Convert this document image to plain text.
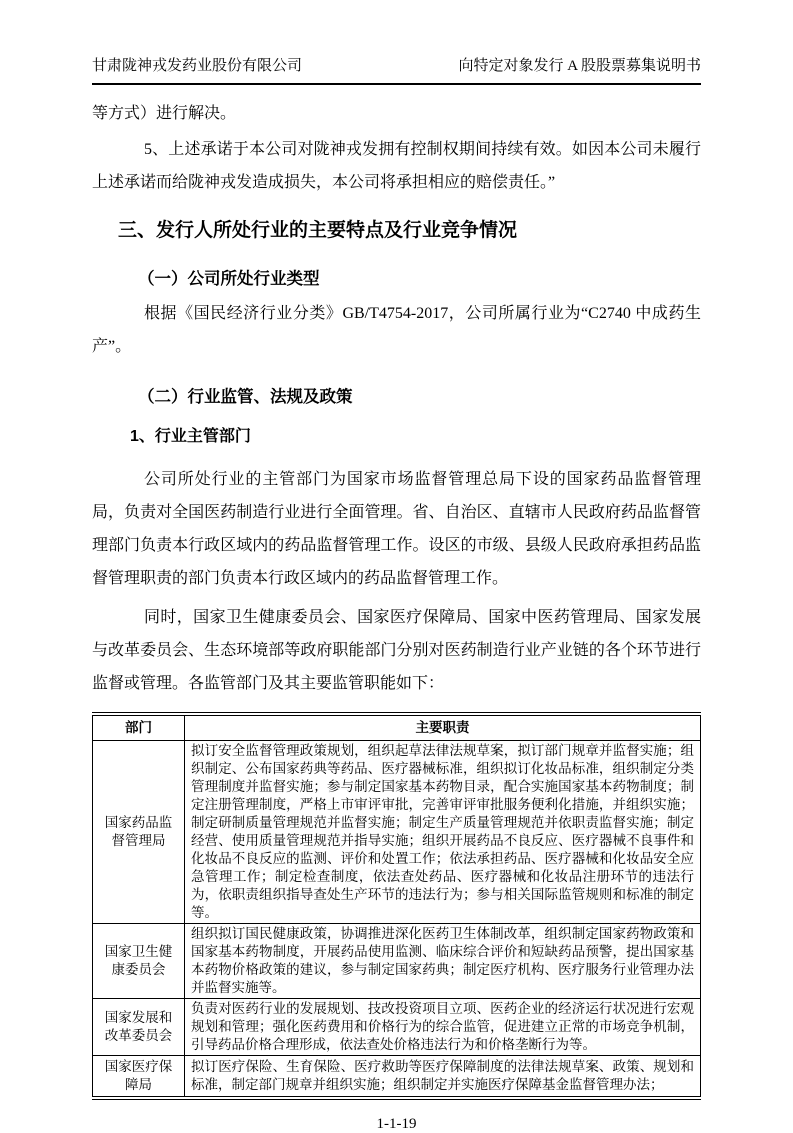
甘肃陇神戎发药业股份有限公司	向特定对象发行 A 股股票募集说明书

等方式）进行解决。

5、上述承诺于本公司对陇神戎发拥有控制权期间持续有效。如因本公司未履行上述承诺而给陇神戎发造成损失，本公司将承担相应的赔偿责任。”

三、发行人所处行业的主要特点及行业竞争情况
（一）公司所处行业类型

根据《国民经济行业分类》GB/T4754-2017，公司所属行业为“C2740 中成药生产”。

（二）行业监管、法规及政策
1、行业主管部门

公司所处行业的主管部门为国家市场监督管理总局下设的国家药品监督管理局，负责对全国医药制造行业进行全面管理。省、自治区、直辖市人民政府药品监督管理部门负责本行政区域内的药品监督管理工作。设区的市级、县级人民政府承担药品监督管理职责的部门负责本行政区域内的药品监督管理工作。

同时，国家卫生健康委员会、国家医疗保障局、国家中医药管理局、国家发展与改革委员会、生态环境部等政府职能部门分别对医药制造行业产业链的各个环节进行监督或管理。各监管部门及其主要监管职能如下：

部门	主要职责
国家药品监督管理局	拟订安全监督管理政策规划，组织起草法律法规草案，拟订部门规章并监督实施；组织制定、公布国家药典等药品、医疗器械标准，组织拟订化妆品标准，组织制定分类管理制度并监督实施；参与制定国家基本药物目录，配合实施国家基本药物制度；制定注册管理制度，严格上市审评审批，完善审评审批服务便利化措施，并组织实施；制定研制质量管理规范并监督实施；制定生产质量管理规范并依职责监督实施；制定经营、使用质量管理规范并指导实施；组织开展药品不良反应、医疗器械不良事件和化妆品不良反应的监测、评价和处置工作；依法承担药品、医疗器械和化妆品安全应急管理工作；制定检查制度，依法查处药品、医疗器械和化妆品注册环节的违法行为，依职责组织指导查处生产环节的违法行为；参与相关国际监管规则和标准的制定等。
国家卫生健康委员会	组织拟订国民健康政策，协调推进深化医药卫生体制改革，组织制定国家药物政策和国家基本药物制度，开展药品使用监测、临床综合评价和短缺药品预警，提出国家基本药物价格政策的建议，参与制定国家药典；制定医疗机构、医疗服务行业管理办法并监督实施等。
国家发展和改革委员会	负责对医药行业的发展规划、技改投资项目立项、医药企业的经济运行状况进行宏观规划和管理；强化医药费用和价格行为的综合监管，促进建立正常的市场竞争机制，引导药品价格合理形成，依法查处价格违法行为和价格垄断行为等。
国家医疗保障局	拟订医疗保险、生育保险、医疗救助等医疗保障制度的法律法规草案、政策、规划和标准，制定部门规章并组织实施；组织制定并实施医疗保障基金监督管理办法；
1-1-19
